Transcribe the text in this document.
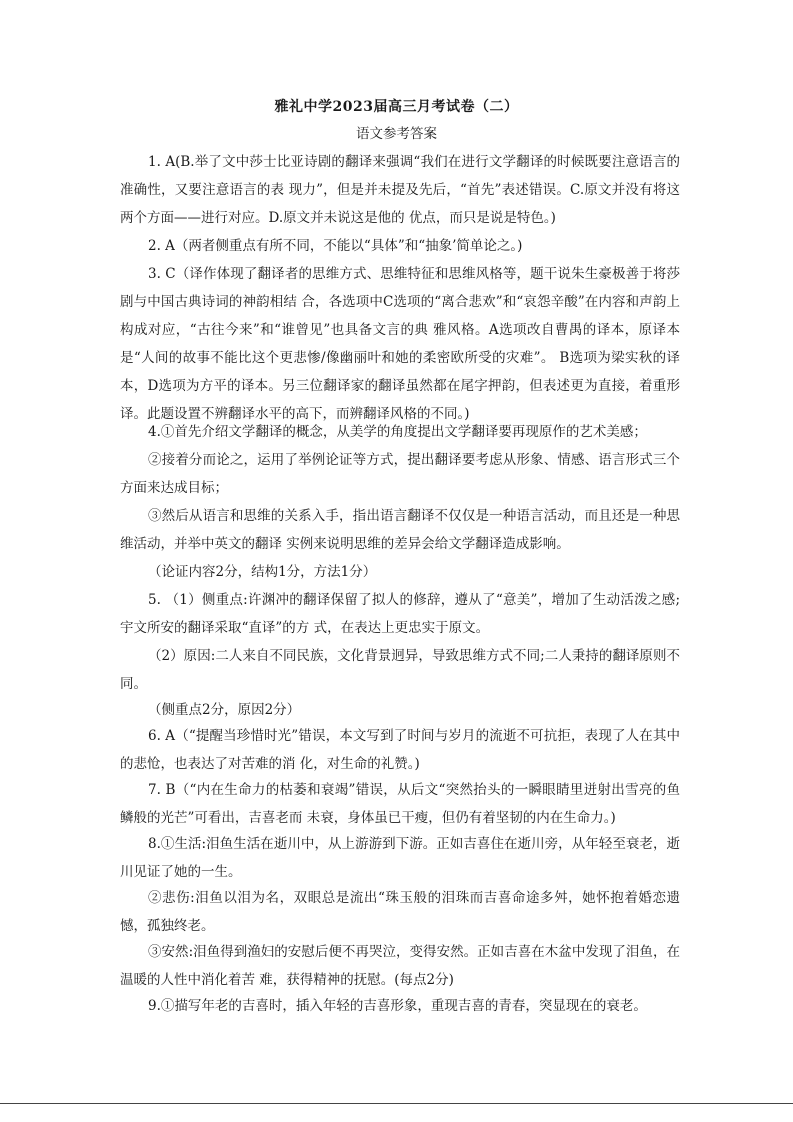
雅礼中学2023届高三月考试卷（二）
语文参考答案
1. A(B.举了文中莎士比亚诗剧的翻译来强调“我们在进行文学翻译的时候既要注意语言的准确性，又要注意语言的表 现力”，但是并未提及先后，“首先”表述错误。C.原文并没有将这两个方面——进行对应。D.原文并未说这是他的 优点，而只是说是特色。)
2. A（两者侧重点有所不同，不能以“具体”和“抽象’简单论之。)
3. C（译作体现了翻译者的思维方式、思维特征和思维风格等，题干说朱生豪极善于将莎剧与中国古典诗词的神韵相结 合，各选项中C选项的“离合悲欢”和“哀怨辛酸”在内容和声韵上构成对应，“古往今来”和“谁曾见”也具备文言的典 雅风格。A选项改自曹禺的译本，原译本是“人间的故事不能比这个更悲惨/像幽丽叶和她的柔密欧所受的灾难”。 B选项为梁实秋的译本，D选项为方平的译本。另三位翻译家的翻译虽然都在尾字押韵，但表述更为直接，着重形 译。此题设置不辨翻译水平的高下，而辨翻译风格的不同。)
4.①首先介绍文学翻译的概念，从美学的角度提出文学翻译要再现原作的艺术美感；
②接着分而论之，运用了举例论证等方式，提出翻译要考虑从形象、情感、语言形式三个方面来达成目标；
③然后从语言和思维的关系入手，指出语言翻译不仅仅是一种语言活动，而且还是一种思维活动，并举中英文的翻译 实例来说明思维的差异会给文学翻译造成影响。
（论证内容2分，结构1分，方法1分）
5. （1）侧重点:许渊冲的翻译保留了拟人的修辞，遵从了“意美”，增加了生动活泼之感;宇文所安的翻译采取“直译”的方 式，在表达上更忠实于原文。
（2）原因:二人来自不同民族，文化背景迥异，导致思维方式不同;二人秉持的翻译原则不同。
（侧重点2分，原因2分）
6. A（“提醒当珍惜时光”错误，本文写到了时间与岁月的流逝不可抗拒，表现了人在其中的悲怆，也表达了对苦难的消 化，对生命的礼赞。)
7. B（“内在生命力的枯萎和衰竭”错误，从后文“突然抬头的一瞬眼睛里迸射出雪亮的鱼鳞般的光芒”可看出，吉喜老而 未衰，身体虽已干瘦，但仍有着坚韧的内在生命力。)
8.①生活:泪鱼生活在逝川中，从上游游到下游。正如吉喜住在逝川旁，从年轻至衰老，逝川见证了她的一生。
②悲伤:泪鱼以泪为名，双眼总是流出“珠玉般的泪珠而吉喜命途多舛，她怀抱着婚恋遗憾，孤独终老。
③安然:泪鱼得到渔妇的安慰后便不再哭泣，变得安然。正如吉喜在木盆中发现了泪鱼，在温暖的人性中消化着苦 难，获得精神的抚慰。(每点2分)
9.①描写年老的吉喜时，插入年轻的吉喜形象，重现吉喜的青春，突显现在的衰老。
